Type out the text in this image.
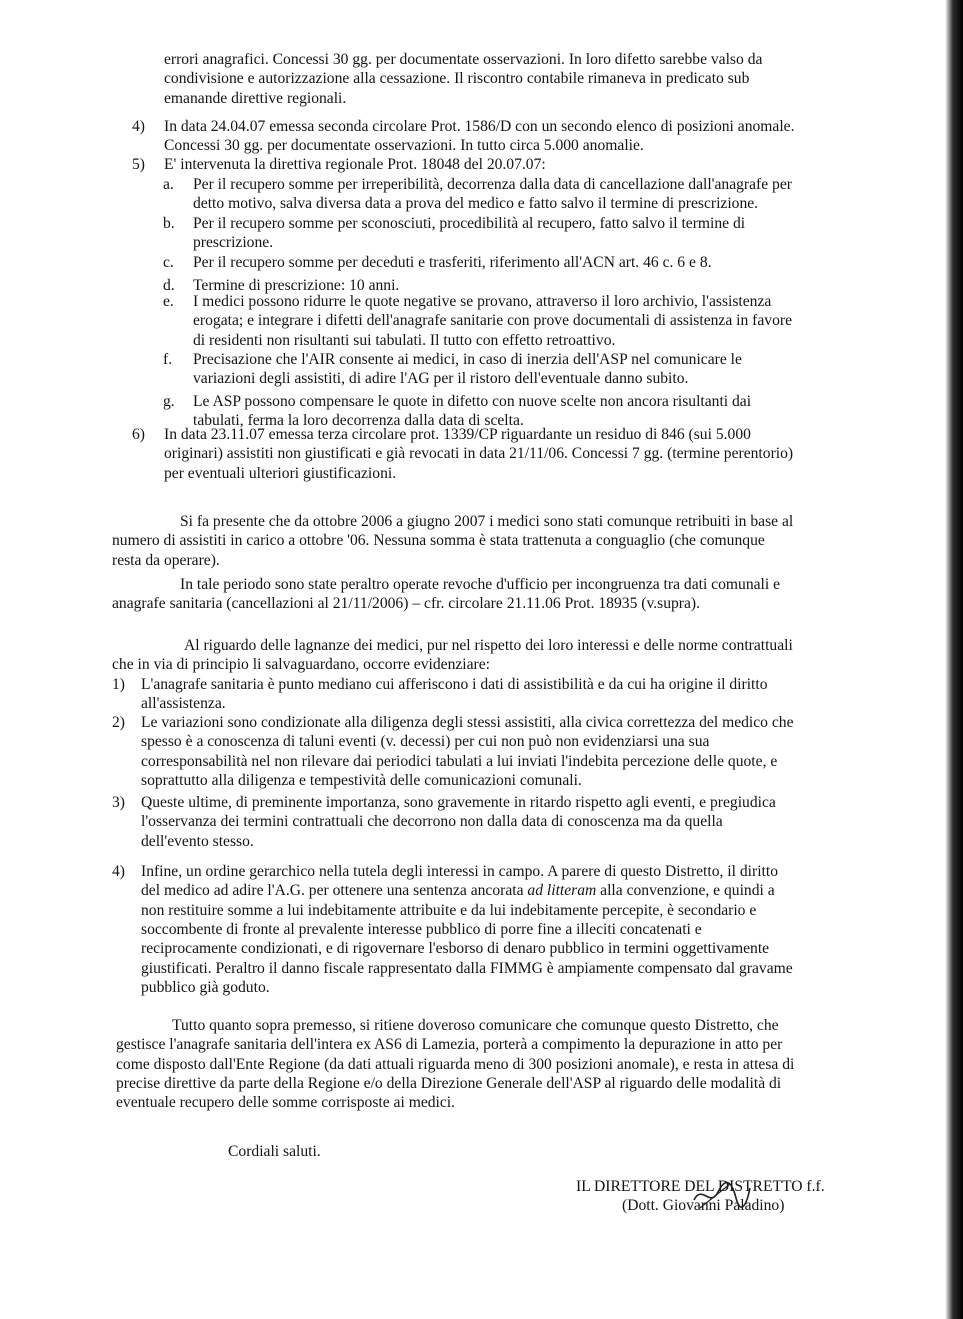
errori anagrafici. Concessi 30 gg. per documentate osservazioni. In loro difetto sarebbe valso da
condivisione e autorizzazione alla cessazione. Il riscontro contabile rimaneva in predicato sub
emanande direttive regionali.
4) In data 24.04.07 emessa seconda circolare Prot. 1586/D con un secondo elenco di posizioni anomale.
Concessi 30 gg. per documentate osservazioni. In tutto circa 5.000 anomalie.
5) E' intervenuta la direttiva regionale Prot. 18048 del 20.07.07:
a. Per il recupero somme per irreperibilità, decorrenza dalla data di cancellazione dall'anagrafe per
detto motivo, salva diversa data a prova del medico e fatto salvo il termine di prescrizione.
b. Per il recupero somme per sconosciuti, procedibilità al recupero, fatto salvo il termine di
prescrizione.
c. Per il recupero somme per deceduti e trasferiti, riferimento all'ACN art. 46 c. 6 e 8.
d. Termine di prescrizione: 10 anni.
e. I medici possono ridurre le quote negative se provano, attraverso il loro archivio, l'assistenza
erogata; e integrare i difetti dell'anagrafe sanitarie con prove documentali di assistenza in favore
di residenti non risultanti sui tabulati. Il tutto con effetto retroattivo.
f. Precisazione che l'AIR consente ai medici, in caso di inerzia dell'ASP nel comunicare le
variazioni degli assistiti, di adire l'AG per il ristoro dell'eventuale danno subito.
g. Le ASP possono compensare le quote in difetto con nuove scelte non ancora risultanti dai
tabulati, ferma la loro decorrenza dalla data di scelta.
6) In data 23.11.07 emessa terza circolare prot. 1339/CP riguardante un residuo di 846 (sui 5.000
originari) assistiti non giustificati e già revocati in data 21/11/06. Concessi 7 gg. (termine perentorio)
per eventuali ulteriori giustificazioni.
Si fa presente che da ottobre 2006 a giugno 2007 i medici sono stati comunque retribuiti in base al
numero di assistiti in carico a ottobre '06. Nessuna somma è stata trattenuta a conguaglio (che comunque
resta da operare).
In tale periodo sono state peraltro operate revoche d'ufficio per incongruenza tra dati comunali e
anagrafe sanitaria (cancellazioni al 21/11/2006) – cfr. circolare 21.11.06 Prot. 18935 (v.supra).
Al riguardo delle lagnanze dei medici, pur nel rispetto dei loro interessi e delle norme contrattuali
che in via di principio li salvaguardano, occorre evidenziare:
1) L'anagrafe sanitaria è punto mediano cui afferiscono i dati di assistibilità e da cui ha origine il diritto
all'assistenza.
2) Le variazioni sono condizionate alla diligenza degli stessi assistiti, alla civica correttezza del medico che
spesso è a conoscenza di taluni eventi (v. decessi) per cui non può non evidenziarsi una sua
corresponsabilità nel non rilevare dai periodici tabulati a lui inviati l'indebita percezione delle quote, e
soprattutto alla diligenza e tempestività delle comunicazioni comunali.
3) Queste ultime, di preminente importanza, sono gravemente in ritardo rispetto agli eventi, e pregiudica
l'osservanza dei termini contrattuali che decorrono non dalla data di conoscenza ma da quella
dell'evento stesso.
4) Infine, un ordine gerarchico nella tutela degli interessi in campo. A parere di questo Distretto, il diritto
del medico ad adire l'A.G. per ottenere una sentenza ancorata ad litteram alla convenzione, e quindi a
non restituire somme a lui indebitamente attribuite e da lui indebitamente percepite, è secondario e
soccombente di fronte al prevalente interesse pubblico di porre fine a illeciti concatenati e
reciprocamente condizionati, e di rigovernare l'esborso di denaro pubblico in termini oggettivamente
giustificati. Peraltro il danno fiscale rappresentato dalla FIMMG è ampiamente compensato dal gravame
pubblico già goduto.
Tutto quanto sopra premesso, si ritiene doveroso comunicare che comunque questo Distretto, che
gestisce l'anagrafe sanitaria dell'intera ex AS6 di Lamezia, porterà a compimento la depurazione in atto per
come disposto dall'Ente Regione (da dati attuali riguarda meno di 300 posizioni anomale), e resta in attesa di
precise direttive da parte della Regione e/o della Direzione Generale dell'ASP al riguardo delle modalità di
eventuale recupero delle somme corrisposte ai medici.
Cordiali saluti.
IL DIRETTORE DEL DISTRETTO f.f.
(Dott. Giovanni Paladino)
